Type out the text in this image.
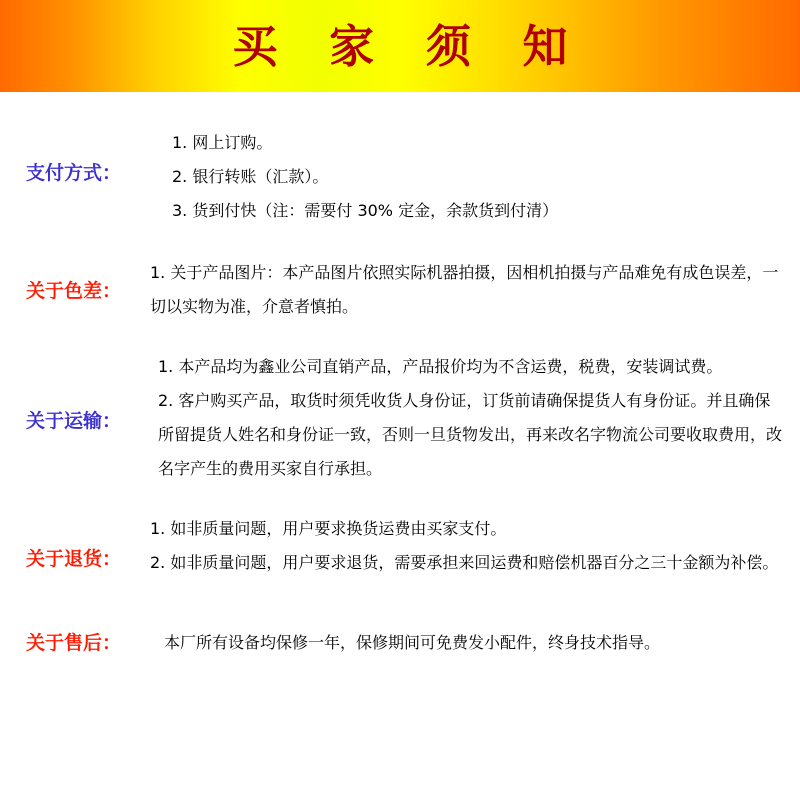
买 家 须 知
支付方式：
1. 网上订购。
2. 银行转账（汇款）。
3. 货到付快（注：需要付 30% 定金，余款货到付清）
关于色差：
1. 关于产品图片：本产品图片依照实际机器拍摄，因相机拍摄与产品难免有成色误差，一切以实物为准，介意者慎拍。
关于运输：
1. 本产品均为鑫业公司直销产品，产品报价均为不含运费，税费，安装调试费。
2. 客户购买产品，取货时须凭收货人身份证，订货前请确保提货人有身份证。并且确保所留提货人姓名和身份证一致，否则一旦货物发出，再来改名字物流公司要收取费用，改名字产生的费用买家自行承担。
关于退货：
1. 如非质量问题，用户要求换货运费由买家支付。
2. 如非质量问题，用户要求退货，需要承担来回运费和赔偿机器百分之三十金额为补偿。
关于售后：	本厂所有设备均保修一年，保修期间可免费发小配件，终身技术指导。
